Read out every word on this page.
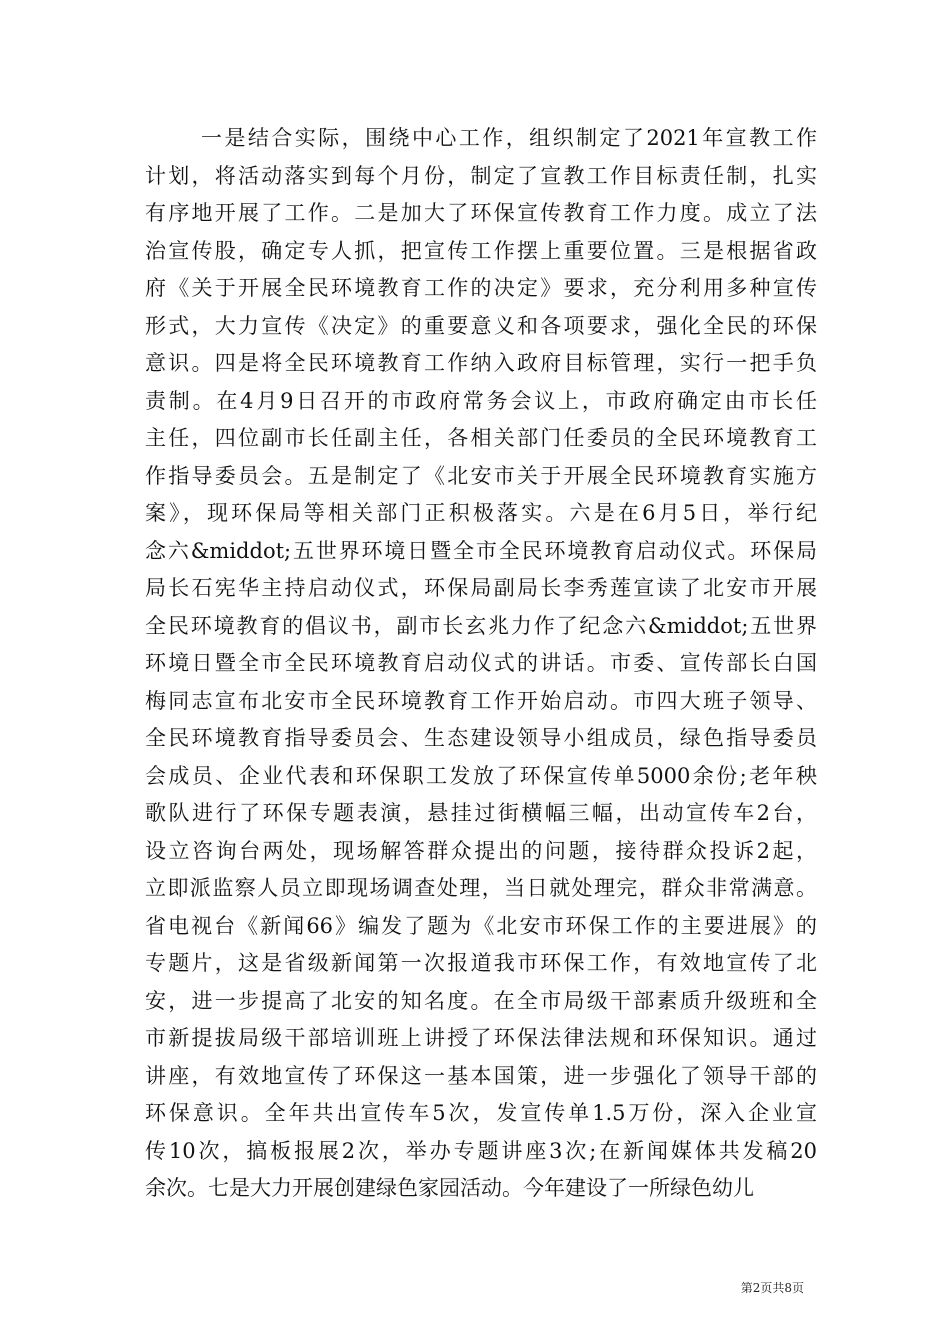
一是结合实际，围绕中心工作，组织制定了2021年宣教工作
计划，将活动落实到每个月份，制定了宣教工作目标责任制，扎实
有序地开展了工作。二是加大了环保宣传教育工作力度。成立了法
治宣传股，确定专人抓，把宣传工作摆上重要位置。三是根据省政
府《关于开展全民环境教育工作的决定》要求，充分利用多种宣传
形式，大力宣传《决定》的重要意义和各项要求，强化全民的环保
意识。四是将全民环境教育工作纳入政府目标管理，实行一把手负
责制。在4月9日召开的市政府常务会议上，市政府确定由市长任
主任，四位副市长任副主任，各相关部门任委员的全民环境教育工
作指导委员会。五是制定了《北安市关于开展全民环境教育实施方
案》，现环保局等相关部门正积极落实。六是在6月5日，举行纪
念六&middot;五世界环境日暨全市全民环境教育启动仪式。环保局
局长石宪华主持启动仪式，环保局副局长李秀莲宣读了北安市开展
全民环境教育的倡议书，副市长玄兆力作了纪念六&middot;五世界
环境日暨全市全民环境教育启动仪式的讲话。市委、宣传部长白国
梅同志宣布北安市全民环境教育工作开始启动。市四大班子领导、
全民环境教育指导委员会、生态建设领导小组成员，绿色指导委员
会成员、企业代表和环保职工发放了环保宣传单5000余份;老年秧
歌队进行了环保专题表演，悬挂过街横幅三幅，出动宣传车2台，
设立咨询台两处，现场解答群众提出的问题，接待群众投诉2起，
立即派监察人员立即现场调查处理，当日就处理完，群众非常满意。
省电视台《新闻66》编发了题为《北安市环保工作的主要进展》的
专题片，这是省级新闻第一次报道我市环保工作，有效地宣传了北
安，进一步提高了北安的知名度。在全市局级干部素质升级班和全
市新提拔局级干部培训班上讲授了环保法律法规和环保知识。通过
讲座，有效地宣传了环保这一基本国策，进一步强化了领导干部的
环保意识。全年共出宣传车5次，发宣传单1.5万份，深入企业宣
传10次，搞板报展2次，举办专题讲座3次;在新闻媒体共发稿20
余次。七是大力开展创建绿色家园活动。今年建设了一所绿色幼儿
第2页共8页
